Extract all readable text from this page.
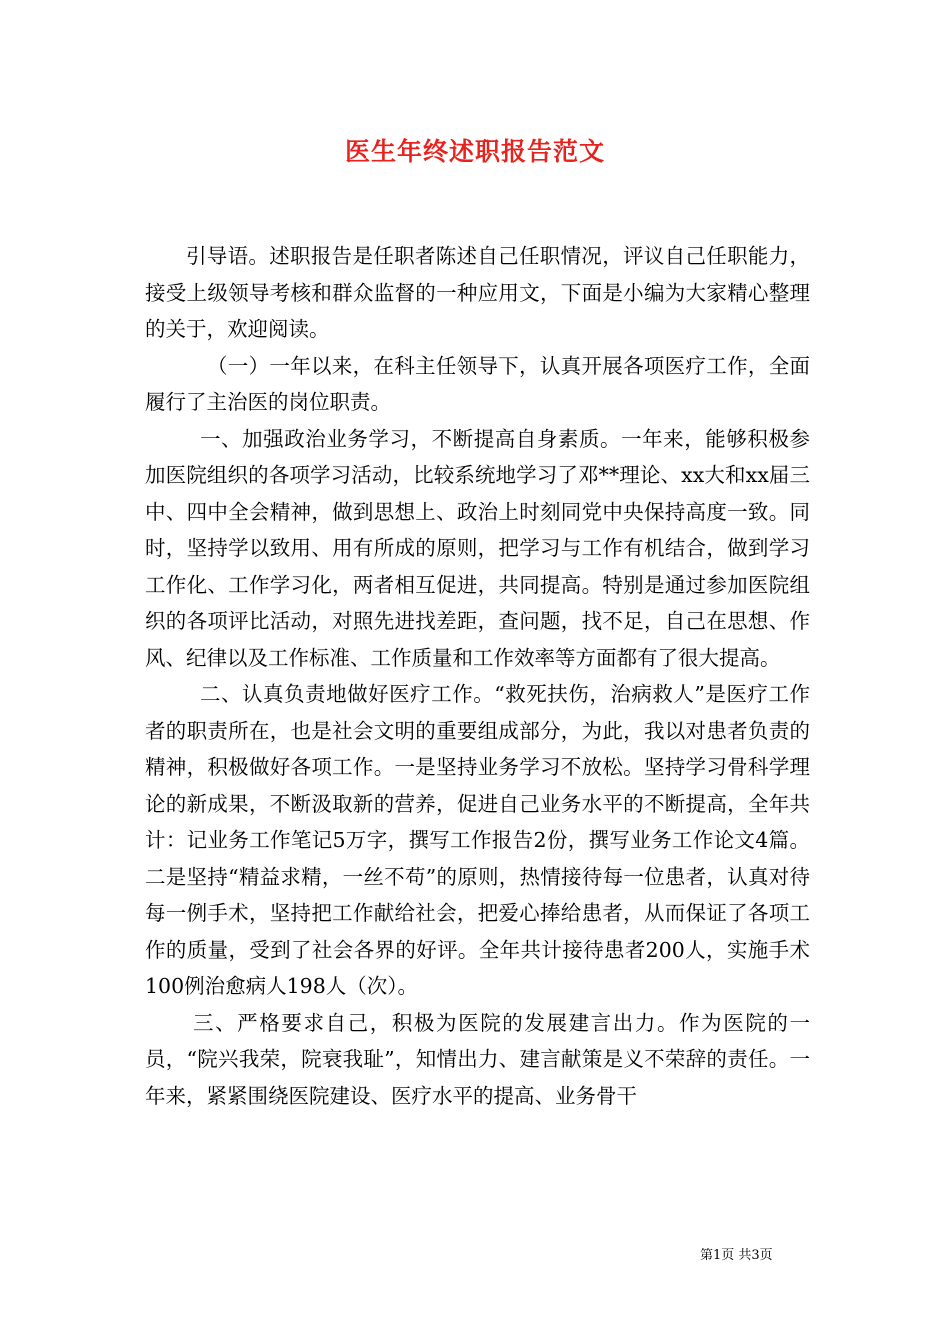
医生年终述职报告范文

引导语。述职报告是任职者陈述自己任职情况，评议自己任职能力，接受上级领导考核和群众监督的一种应用文，下面是小编为大家精心整理的关于，欢迎阅读。

（一）一年以来，在科主任领导下，认真开展各项医疗工作，全面履行了主治医的岗位职责。

一、加强政治业务学习，不断提高自身素质。一年来，能够积极参加医院组织的各项学习活动，比较系统地学习了邓**理论、xx大和xx届三中、四中全会精神，做到思想上、政治上时刻同党中央保持高度一致。同时，坚持学以致用、用有所成的原则，把学习与工作有机结合，做到学习工作化、工作学习化，两者相互促进，共同提高。特别是通过参加医院组织的各项评比活动，对照先进找差距，查问题，找不足，自己在思想、作风、纪律以及工作标准、工作质量和工作效率等方面都有了很大提高。

二、认真负责地做好医疗工作。“救死扶伤，治病救人”是医疗工作者的职责所在，也是社会文明的重要组成部分，为此，我以对患者负责的精神，积极做好各项工作。一是坚持业务学习不放松。坚持学习骨科学理论的新成果，不断汲取新的营养，促进自己业务水平的不断提高，全年共计：记业务工作笔记5万字，撰写工作报告2份，撰写业务工作论文4篇。二是坚持“精益求精，一丝不苟”的原则，热情接待每一位患者，认真对待每一例手术，坚持把工作献给社会，把爱心捧给患者，从而保证了各项工作的质量，受到了社会各界的好评。全年共计接待患者200人，实施手术100例治愈病人198人（次）。

三、严格要求自己，积极为医院的发展建言出力。作为医院的一员，“院兴我荣，院衰我耻”，知情出力、建言献策是义不荣辞的责任。一年来，紧紧围绕医院建设、医疗水平的提高、业务骨干

第1页 共3页
